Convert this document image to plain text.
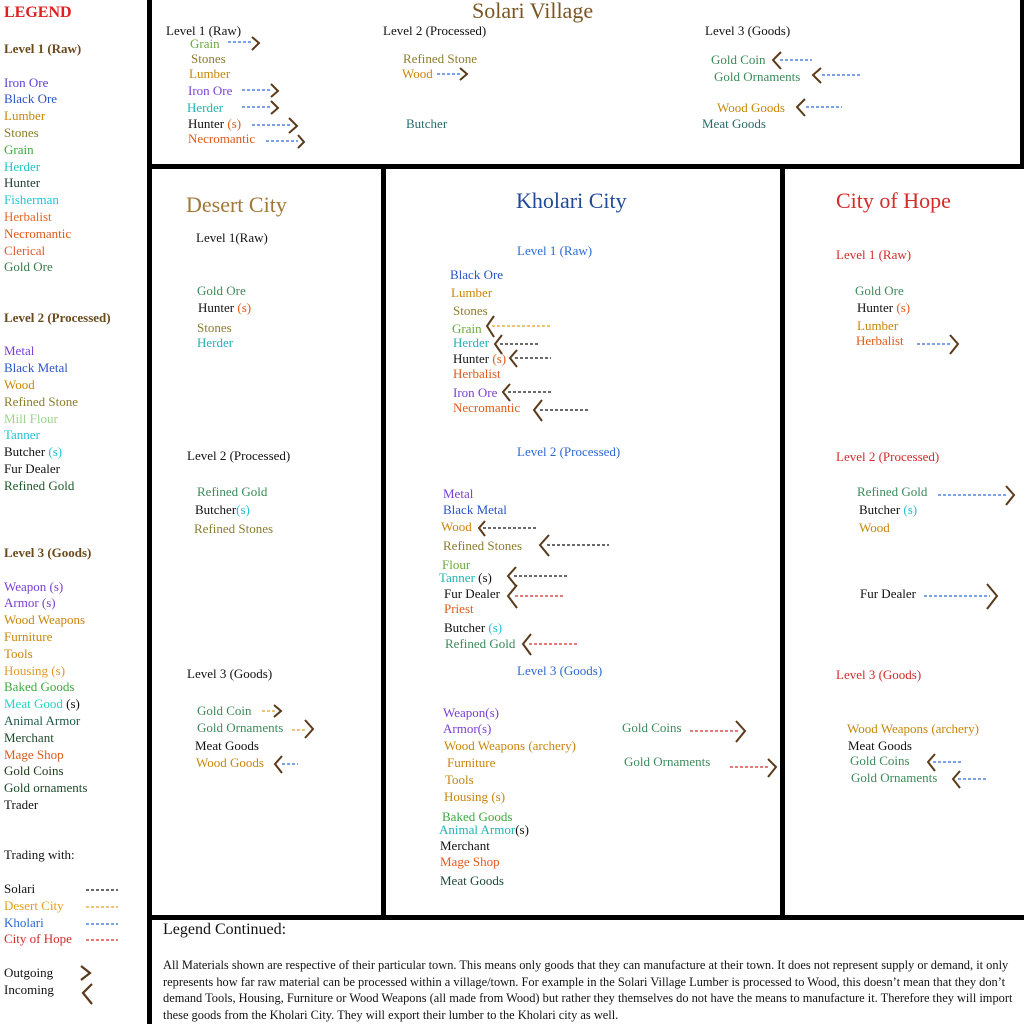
LEGEND
Level 1 (Raw)
Iron Ore
Black Ore
Lumber
Stones
Grain
Herder
Hunter
Fisherman
Herbalist
Necromantic
Clerical
Gold Ore
Level 2 (Processed)
Metal
Black Metal
Wood
Refined Stone
Mill Flour
Tanner
Butcher (s)
Fur Dealer
Refined Gold
Level 3 (Goods)
Weapon (s)
Armor (s)
Wood Weapons
Furniture
Tools
Housing (s)
Baked Goods
Meat Good (s)
Animal Armor
Merchant
Mage Shop
Gold Coins
Gold ornaments
Trader
Trading with:
Solari
Desert City
Kholari
City of Hope
Outgoing
Incoming
Solari Village
Level 1 (Raw)	Level 2 (Processed)	Level 3 (Goods)
Grain
Stones
Lumber
Iron Ore
Herder
Hunter (s)
Necromantic
Refined Stone
Wood
Butcher
Gold Coin
Gold Ornaments
Wood Goods
Meat Goods
Desert City
Level 1(Raw)
Gold Ore
Hunter (s)
Stones
Herder
Level 2 (Processed)
Refined Gold
Butcher(s)
Refined Stones
Level 3 (Goods)
Gold Coin
Gold Ornaments
Meat Goods
Wood Goods
Kholari City
Level 1 (Raw)
Black Ore
Lumber
Stones
Grain
Herder
Hunter (s)
Herbalist
Iron Ore
Necromantic
Level 2 (Processed)
Metal
Black Metal
Wood
Refined Stones
Flour
Tanner (s)
Fur Dealer
Priest
Butcher (s)
Refined Gold
Level 3 (Goods)
Weapon(s)
Armor(s)
Wood Weapons (archery)
Furniture
Tools
Housing (s)
Baked Goods
Animal Armor(s)
Merchant
Mage Shop
Meat Goods
Gold Coins
Gold Ornaments
City of Hope
Level 1 (Raw)
Gold Ore
Hunter (s)
Lumber
Herbalist
Level 2 (Processed)
Refined Gold
Butcher (s)
Wood
Fur Dealer
Level 3 (Goods)
Wood Weapons (archery)
Meat Goods
Gold Coins
Gold Ornaments
Legend Continued:
All Materials shown are respective of their particular town. This means only goods that they can manufacture at their town. It does not represent supply or demand, it only represents how far raw material can be processed within a village/town. For example in the Solari Village Lumber is processed to Wood, this doesn’t mean that they don’t demand Tools, Housing, Furniture or Wood Weapons (all made from Wood) but rather they themselves do not have the means to manufacture it. Therefore they will import these goods from the Kholari City. They will export their lumber to the Kholari city as well.
